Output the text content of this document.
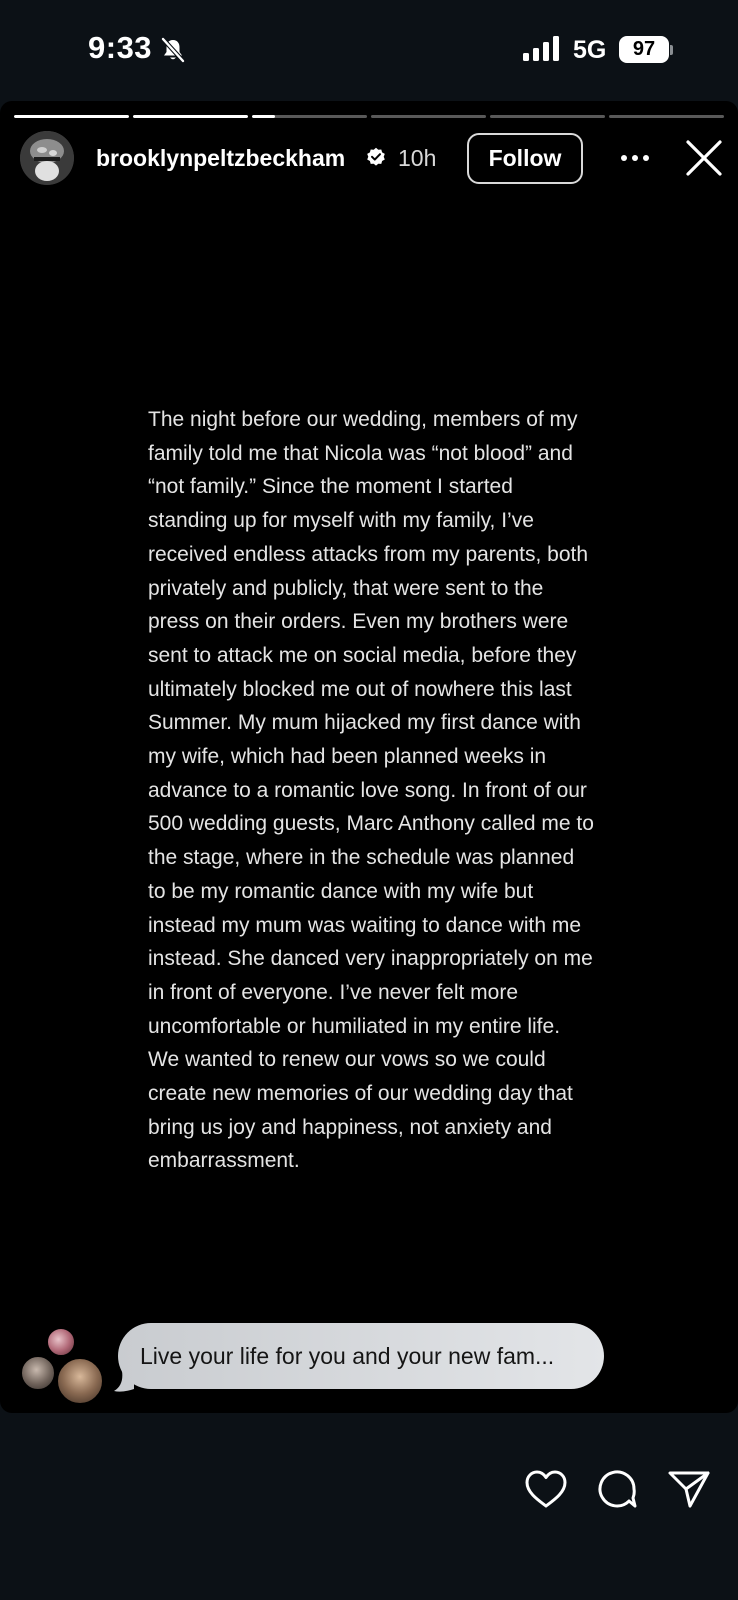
9:33	5G 97
brooklynpeltzbeckham 10h	Follow

The night before our wedding, members of my family told me that Nicola was “not blood” and “not family.” Since the moment I started standing up for myself with my family, I’ve received endless attacks from my parents, both privately and publicly, that were sent to the press on their orders. Even my brothers were sent to attack me on social media, before they ultimately blocked me out of nowhere this last Summer. My mum hijacked my first dance with my wife, which had been planned weeks in advance to a romantic love song. In front of our 500 wedding guests, Marc Anthony called me to the stage, where in the schedule was planned to be my romantic dance with my wife but instead my mum was waiting to dance with me instead. She danced very inappropriately on me in front of everyone. I’ve never felt more uncomfortable or humiliated in my entire life. We wanted to renew our vows so we could create new memories of our wedding day that bring us joy and happiness, not anxiety and embarrassment.

Live your life for you and your new fam...
